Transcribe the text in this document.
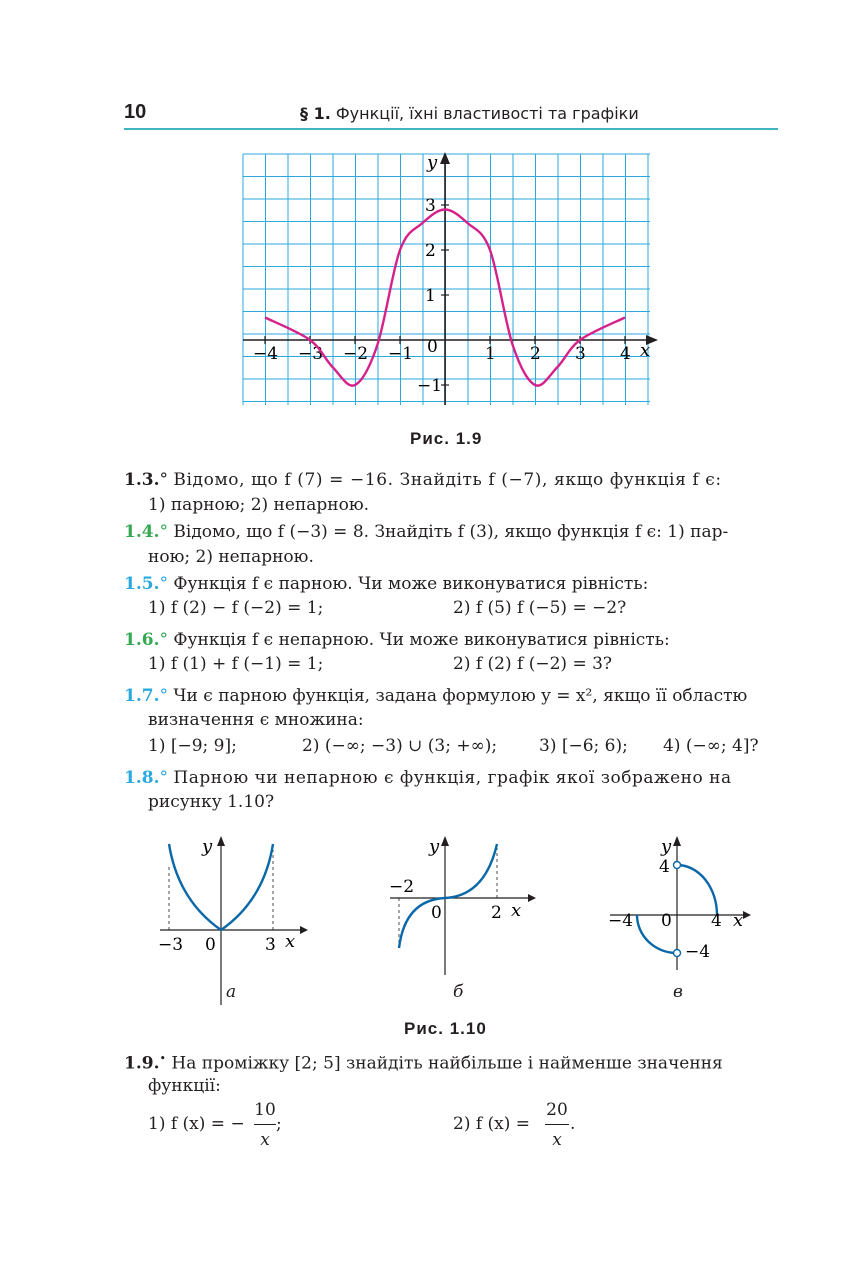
10	§ 1. Функції, їхні властивості та графіки
−4 −3 −2 −1 0	1 2 3 4
3
2
1
−1
y
x
Рис. 1.9
1.3.° Відомо, що f (7) = −16. Знайдіть f (−7), якщо функція f є:
1) парною; 2) непарною.
1.4.° Відомо, що f (−3) = 8. Знайдіть f (3), якщо функція f є: 1) пар-
ною; 2) непарною.
1.5.° Функція f є парною. Чи може виконуватися рівність:
1) f (2) − f (−2) = 1;	2) f (5) f (−5) = −2?
1.6.° Функція f є непарною. Чи може виконуватися рівність:
1) f (1) + f (−1) = 1;	2) f (2) f (−2) = 3?
1.7.° Чи є парною функція, задана формулою y = x², якщо її областю
визначення є множина:
1) [−9; 9];	2) (−∞; −3) ∪ (3; +∞); 3) [−6; 6); 4) (−∞; 4]?
1.8.° Парною чи непарною є функція, графік якої зображено на
рисунку 1.10?
y
x
−3 0	3
а
y
x
−2
0	2
б
y
x
4
−4 0 4
−4
в
Рис. 1.10
1.9.• На проміжку [2; 5] знайдіть найбільше і найменше значення
функції:
1) f (x) = −
10
x
;	2) f (x) =
20
x
.
